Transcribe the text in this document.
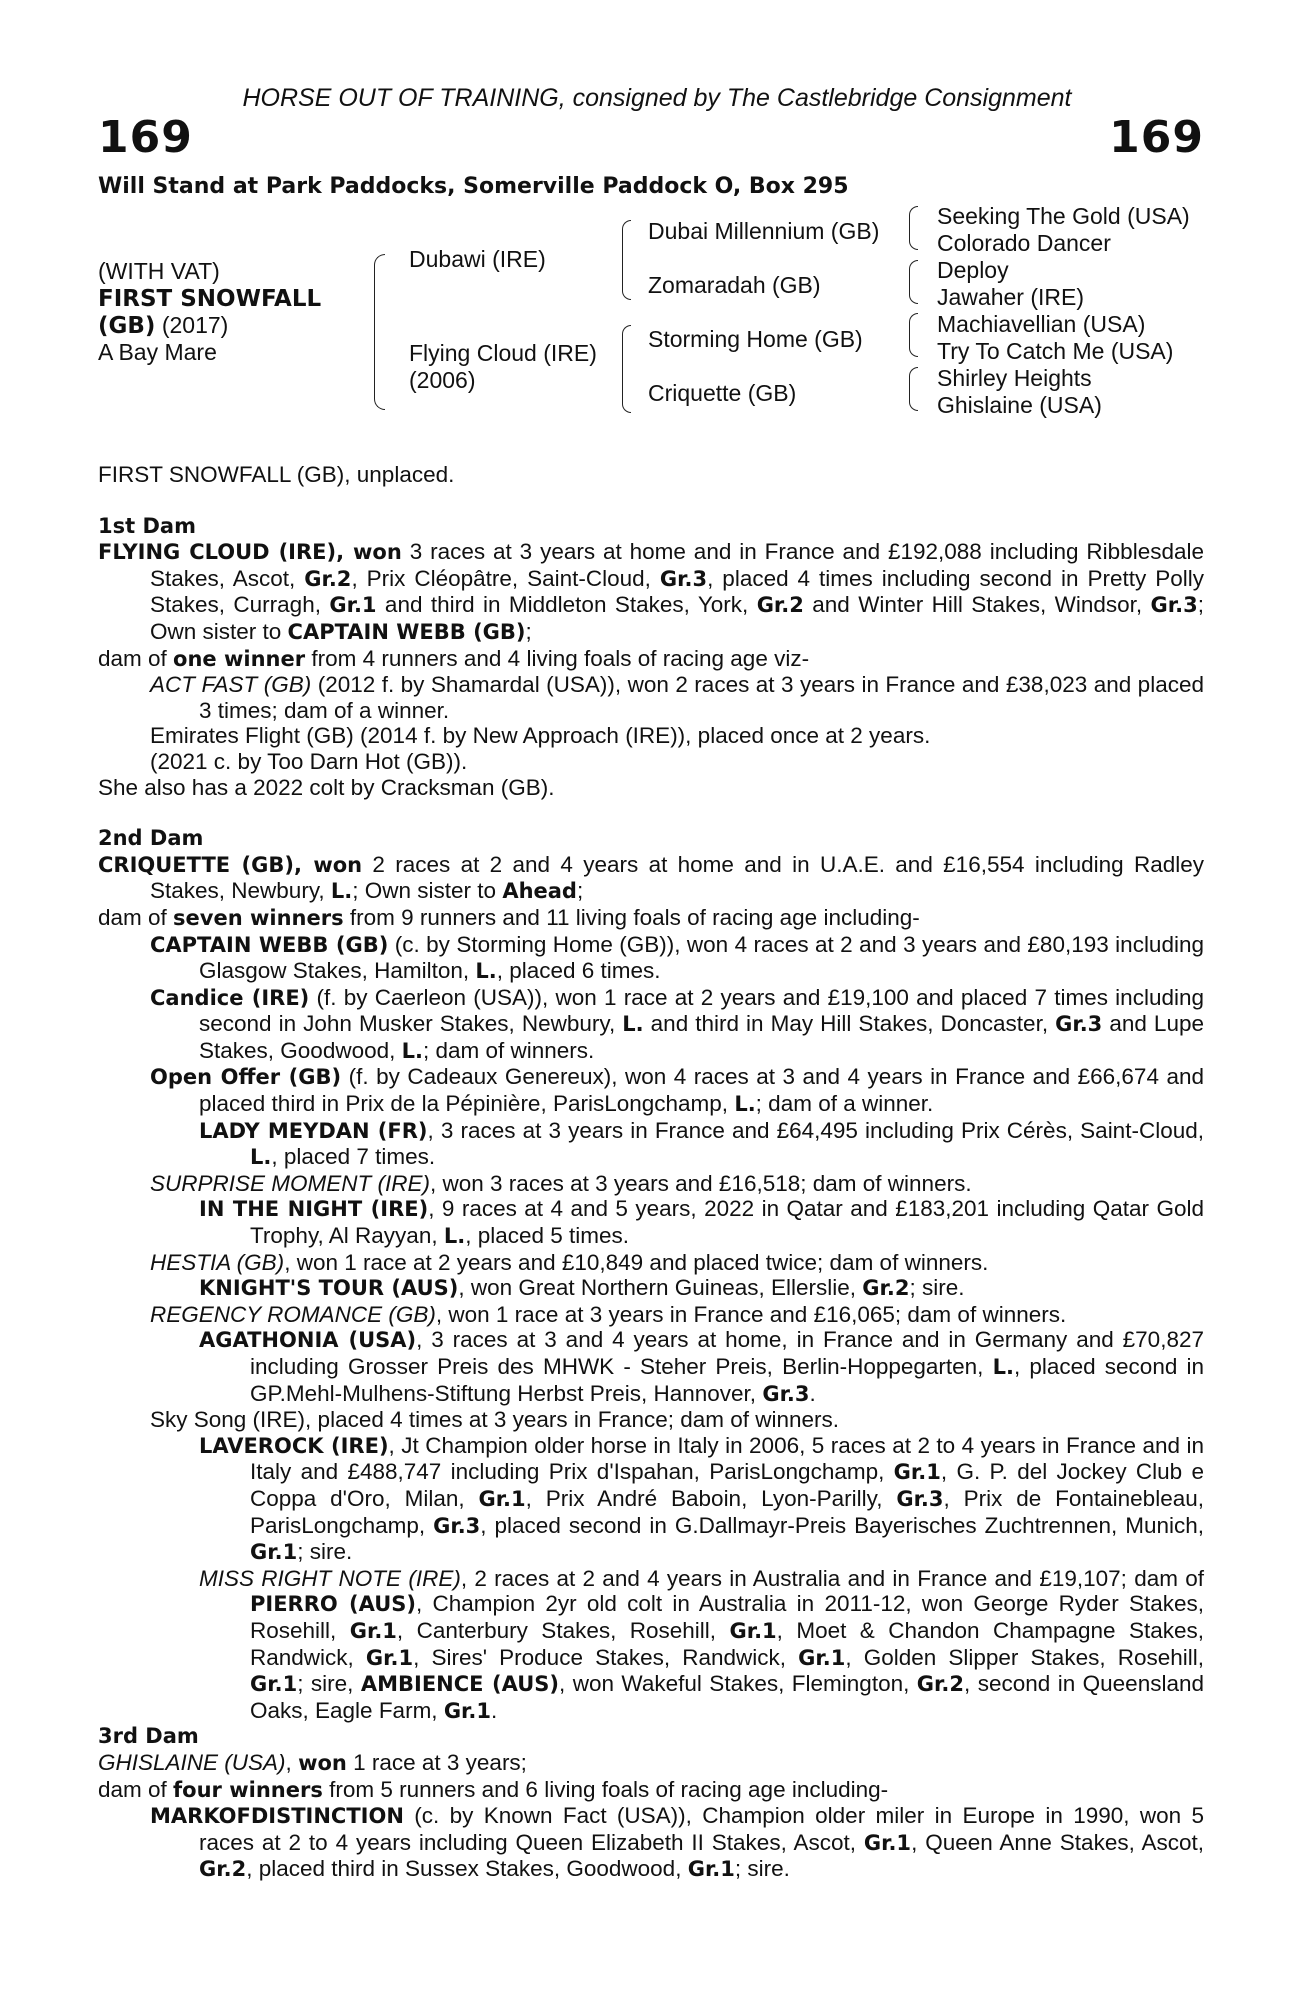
HORSE OUT OF TRAINING, consigned by The Castlebridge Consignment
169	169
Will Stand at Park Paddocks, Somerville Paddock O, Box 295
(WITH VAT)
FIRST SNOWFALL
(GB) (2017)
A Bay Mare
Dubawi (IRE)
Flying Cloud (IRE)
(2006)
Dubai Millennium (GB)
Zomaradah (GB)
Storming Home (GB)
Criquette (GB)
Seeking The Gold (USA)
Colorado Dancer
Deploy
Jawaher (IRE)
Machiavellian (USA)
Try To Catch Me (USA)
Shirley Heights
Ghislaine (USA)

FIRST SNOWFALL (GB), unplaced.

1st Dam

FLYING CLOUD (IRE), won 3 races at 3 years at home and in France and £192,088 including Ribblesdale Stakes, Ascot, Gr.2, Prix Cléopâtre, Saint-Cloud, Gr.3, placed 4 times including second in Pretty Polly Stakes, Curragh, Gr.1 and third in Middleton Stakes, York, Gr.2 and Winter Hill Stakes, Windsor, Gr.3; Own sister to CAPTAIN WEBB (GB);

dam of one winner from 4 runners and 4 living foals of racing age viz-

ACT FAST (GB) (2012 f. by Shamardal (USA)), won 2 races at 3 years in France and £38,023 and placed 3 times; dam of a winner.

Emirates Flight (GB) (2014 f. by New Approach (IRE)), placed once at 2 years.

(2021 c. by Too Darn Hot (GB)).

She also has a 2022 colt by Cracksman (GB).

2nd Dam

CRIQUETTE (GB), won 2 races at 2 and 4 years at home and in U.A.E. and £16,554 including Radley Stakes, Newbury, L.; Own sister to Ahead;

dam of seven winners from 9 runners and 11 living foals of racing age including-

CAPTAIN WEBB (GB) (c. by Storming Home (GB)), won 4 races at 2 and 3 years and £80,193 including Glasgow Stakes, Hamilton, L., placed 6 times.

Candice (IRE) (f. by Caerleon (USA)), won 1 race at 2 years and £19,100 and placed 7 times including second in John Musker Stakes, Newbury, L. and third in May Hill Stakes, Doncaster, Gr.3 and Lupe Stakes, Goodwood, L.; dam of winners.

Open Offer (GB) (f. by Cadeaux Genereux), won 4 races at 3 and 4 years in France and £66,674 and placed third in Prix de la Pépinière, ParisLongchamp, L.; dam of a winner.

LADY MEYDAN (FR), 3 races at 3 years in France and £64,495 including Prix Cérès, Saint-Cloud, L., placed 7 times.

SURPRISE MOMENT (IRE), won 3 races at 3 years and £16,518; dam of winners.

IN THE NIGHT (IRE), 9 races at 4 and 5 years, 2022 in Qatar and £183,201 including Qatar Gold Trophy, Al Rayyan, L., placed 5 times.

HESTIA (GB), won 1 race at 2 years and £10,849 and placed twice; dam of winners.

KNIGHT'S TOUR (AUS), won Great Northern Guineas, Ellerslie, Gr.2; sire.

REGENCY ROMANCE (GB), won 1 race at 3 years in France and £16,065; dam of winners.

AGATHONIA (USA), 3 races at 3 and 4 years at home, in France and in Germany and £70,827 including Grosser Preis des MHWK - Steher Preis, Berlin-Hoppegarten, L., placed second in GP.Mehl-Mulhens-Stiftung Herbst Preis, Hannover, Gr.3.

Sky Song (IRE), placed 4 times at 3 years in France; dam of winners.

LAVEROCK (IRE), Jt Champion older horse in Italy in 2006, 5 races at 2 to 4 years in France and in Italy and £488,747 including Prix d'Ispahan, ParisLongchamp, Gr.1, G. P. del Jockey Club e Coppa d'Oro, Milan, Gr.1, Prix André Baboin, Lyon-Parilly, Gr.3, Prix de Fontainebleau, ParisLongchamp, Gr.3, placed second in G.Dallmayr-Preis Bayerisches Zuchtrennen, Munich, Gr.1; sire.

MISS RIGHT NOTE (IRE), 2 races at 2 and 4 years in Australia and in France and £19,107; dam of PIERRO (AUS), Champion 2yr old colt in Australia in 2011-12, won George Ryder Stakes, Rosehill, Gr.1, Canterbury Stakes, Rosehill, Gr.1, Moet & Chandon Champagne Stakes, Randwick, Gr.1, Sires' Produce Stakes, Randwick, Gr.1, Golden Slipper Stakes, Rosehill, Gr.1; sire, AMBIENCE (AUS), won Wakeful Stakes, Flemington, Gr.2, second in Queensland Oaks, Eagle Farm, Gr.1.

3rd Dam

GHISLAINE (USA), won 1 race at 3 years;

dam of four winners from 5 runners and 6 living foals of racing age including-

MARKOFDISTINCTION (c. by Known Fact (USA)), Champion older miler in Europe in 1990, won 5 races at 2 to 4 years including Queen Elizabeth II Stakes, Ascot, Gr.1, Queen Anne Stakes, Ascot, Gr.2, placed third in Sussex Stakes, Goodwood, Gr.1; sire.
